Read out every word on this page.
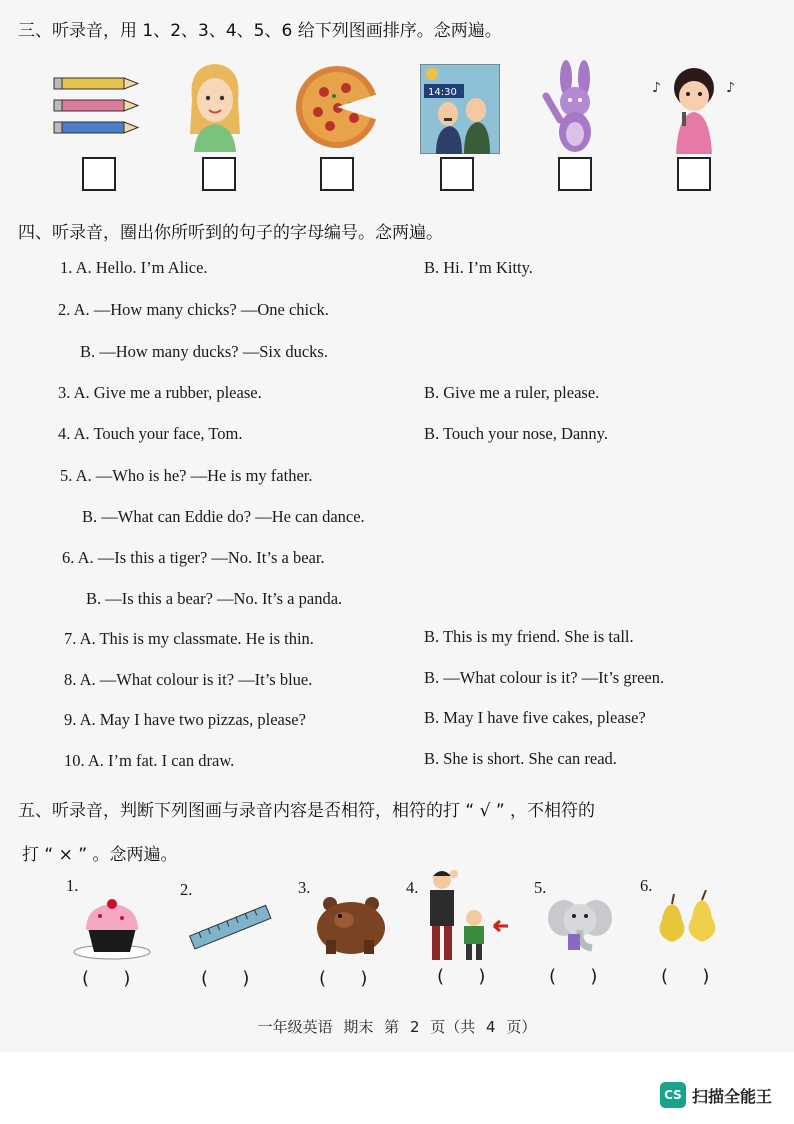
三、听录音，用 1、2、3、4、5、6 给下列图画排序。念两遍。
14:30	♪	♪
四、听录音，圈出你所听到的句子的字母编号。念两遍。
1. A. Hello. I’m Alice.	B. Hi. I’m Kitty.
2. A. —How many chicks? —One chick.
B. —How many ducks? —Six ducks.
3. A. Give me a rubber, please.	B. Give me a ruler, please.
4. A. Touch your face, Tom.	B. Touch your nose, Danny.
5. A. —Who is he? —He is my father.
B. —What can Eddie do? —He can dance.
6. A. —Is this a tiger? —No. It’s a bear.
B. —Is this a bear? —No. It’s a panda.
7. A. This is my classmate. He is thin.	B. This is my friend. She is tall.
8. A. —What colour is it? —It’s blue.	B. —What colour is it? —It’s green.
9. A. May I have two pizzas, please?	B. May I have five cakes, please?
10. A. I’m fat. I can draw.	B. She is short. She can read.
五、听录音，判断下列图画与录音内容是否相符，相符的打 “ √ ” ，不相符的
打 “ × ” 。念两遍。
1.	2.	3.	4.	5.	6.
(      )	(      )	(      )	(      )	(      )	(      )
一年级英语 期末 第 2 页（共 4 页）
CS 扫描全能王
